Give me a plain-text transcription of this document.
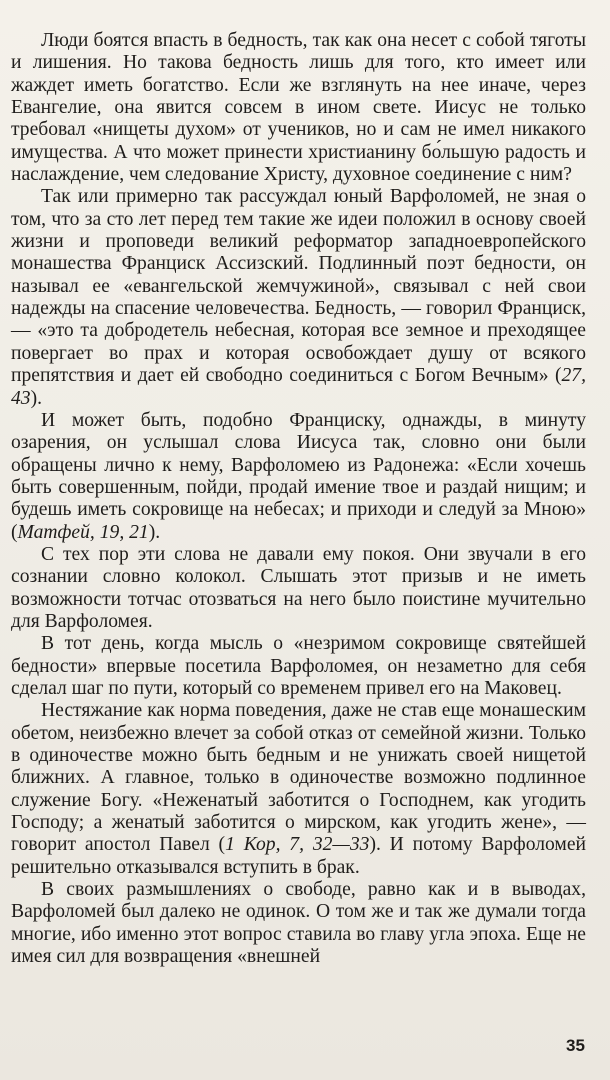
Люди боятся впасть в бедность, так как она несет с собой тяготы и лишения. Но такова бедность лишь для того, кто имеет или жаждет иметь богатство. Если же взглянуть на нее иначе, через Евангелие, она явится совсем в ином свете. Иисус не только требовал «нищеты духом» от учеников, но и сам не имел никакого имущества. А что может принести христианину бо́льшую радость и наслаждение, чем следование Христу, духовное соединение с ним?

Так или примерно так рассуждал юный Варфоломей, не зная о том, что за сто лет перед тем такие же идеи положил в основу своей жизни и проповеди великий реформатор западноевропейского монашества Франциск Ассизский. Подлинный поэт бедности, он называл ее «евангельской жемчужиной», связывал с ней свои надежды на спасение человечества. Бедность, — говорил Франциск, — «это та добродетель небесная, которая все земное и преходящее повергает во прах и которая освобождает душу от всякого препятствия и дает ей свободно соединиться с Богом Вечным» (27, 43).

И может быть, подобно Франциску, однажды, в минуту озарения, он услышал слова Иисуса так, словно они были обращены лично к нему, Варфоломею из Радонежа: «Если хочешь быть совершенным, пойди, продай имение твое и раздай нищим; и будешь иметь сокровище на небесах; и приходи и следуй за Мною» (Матфей, 19, 21).

С тех пор эти слова не давали ему покоя. Они звучали в его сознании словно колокол. Слышать этот призыв и не иметь возможности тотчас отозваться на него было поистине мучительно для Варфоломея.

В тот день, когда мысль о «незримом сокровище святейшей бедности» впервые посетила Варфоломея, он незаметно для себя сделал шаг по пути, который со временем привел его на Маковец.

Нестяжание как норма поведения, даже не став еще монашеским обетом, неизбежно влечет за собой отказ от семейной жизни. Только в одиночестве можно быть бедным и не унижать своей нищетой ближних. А главное, только в одиночестве возможно подлинное служение Богу. «Неженатый заботится о Господнем, как угодить Господу; а женатый заботится о мирском, как угодить жене», — говорит апостол Павел (1 Кор, 7, 32—33). И потому Варфоломей решительно отказывался вступить в брак.

В своих размышлениях о свободе, равно как и в выводах, Варфоломей был далеко не одинок. О том же и так же думали тогда многие, ибо именно этот вопрос ставила во главу угла эпоха. Еще не имея сил для возвращения «внешней

35
